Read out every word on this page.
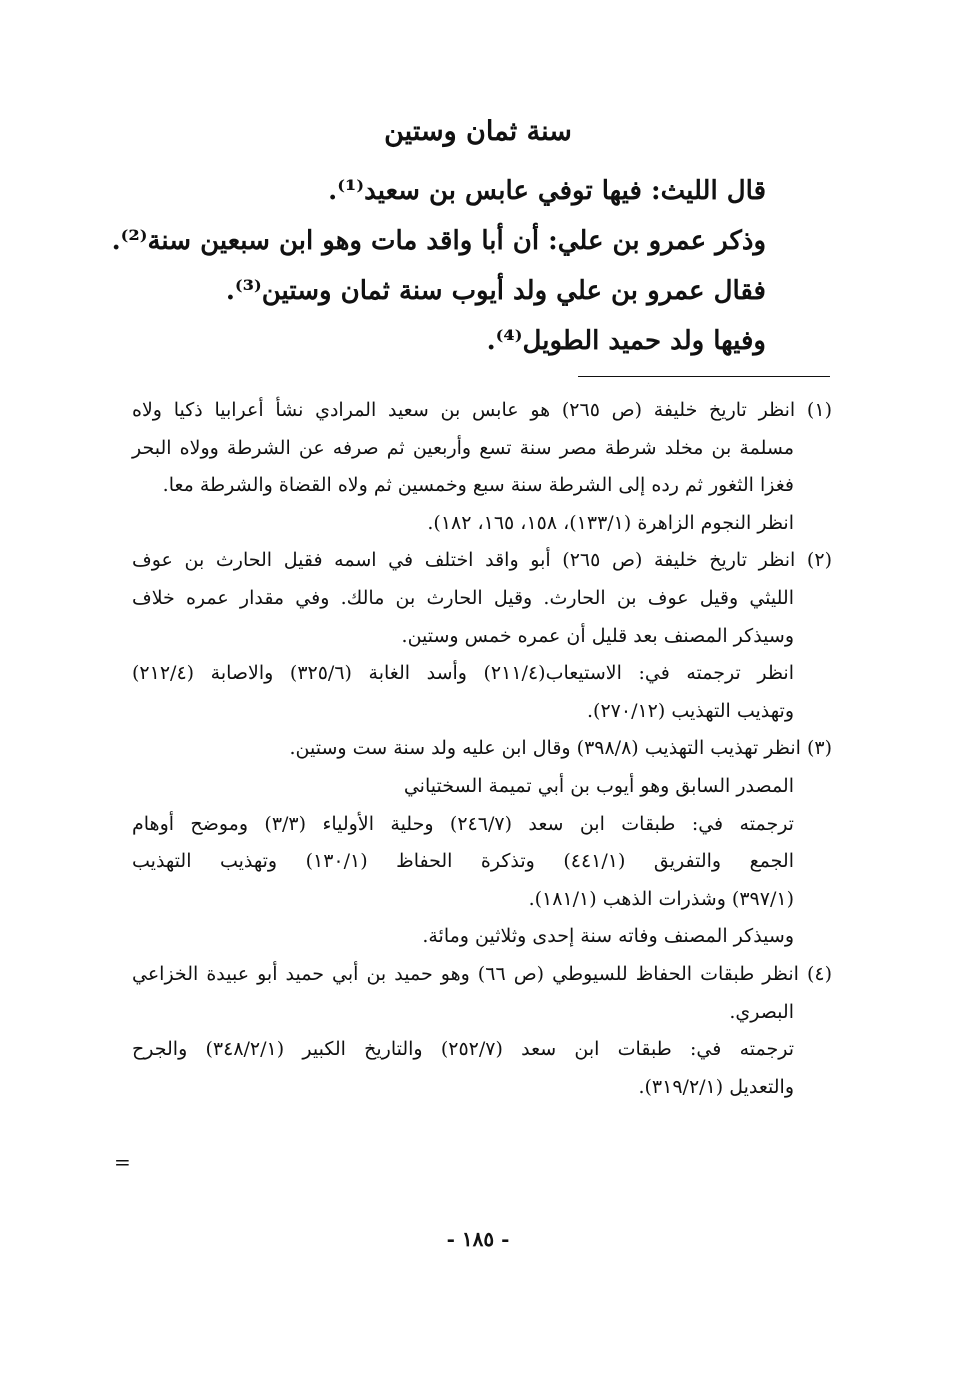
سنة ثمان وستين
قال الليث: فيها توفي عابس بن سعيد⁽¹⁾.
وذكر عمرو بن علي: أن أبا واقد مات وهو ابن سبعين سنة⁽²⁾.
فقال عمرو بن علي ولد أيوب سنة ثمان وستين⁽³⁾.
وفيها ولد حميد الطويل⁽⁴⁾.
(١) انظر تاريخ خليفة (ص ٢٦٥) هو عابس بن سعيد المرادي نشأ أعرابيا ذكيا ولاه
مسلمة بن مخلد شرطة مصر سنة تسع وأربعين ثم صرفه عن الشرطة وولاه البحر
فغزا الثغور ثم رده إلى الشرطة سنة سبع وخمسين ثم ولاه القضاة والشرطة معا.
انظر النجوم الزاهرة (١٣٣/١)، ١٥٨، ١٦٥، ١٨٢).
(٢) انظر تاريخ خليفة (ص ٢٦٥) أبو واقد اختلف في اسمه فقيل الحارث بن عوف
الليثي وقيل عوف بن الحارث. وقيل الحارث بن مالك. وفي مقدار عمره خلاف
وسيذكر المصنف بعد قليل أن عمره خمس وستين.
انظر ترجمته في: الاستيعاب(٢١١/٤) وأسد الغابة (٣٢٥/٦) والاصابة (٢١٢/٤)
وتهذيب التهذيب (٢٧٠/١٢).
(٣) انظر تهذيب التهذيب (٣٩٨/٨) وقال ابن عليه ولد سنة ست وستين.
المصدر السابق وهو أيوب بن أبي تميمة السختياني
ترجمته في: طبقات ابن سعد (٢٤٦/٧) وحلية الأولياء (٣/٣) وموضح أوهام
الجمع والتفريق (٤٤١/١) وتذكرة الحفاظ (١٣٠/١) وتهذيب التهذيب
(٣٩٧/١) وشذرات الذهب (١٨١/١).
وسيذكر المصنف وفاته سنة إحدى وثلاثين ومائة.
(٤) انظر طبقات الحفاظ للسيوطي (ص ٦٦) وهو حميد بن أبي حميد أبو عبيدة الخزاعي
البصري.
ترجمته في: طبقات ابن سعد (٢٥٢/٧) والتاريخ الكبير (٣٤٨/٢/١) والجرح
والتعديل (٣١٩/٢/١).
=
- ١٨٥ -
